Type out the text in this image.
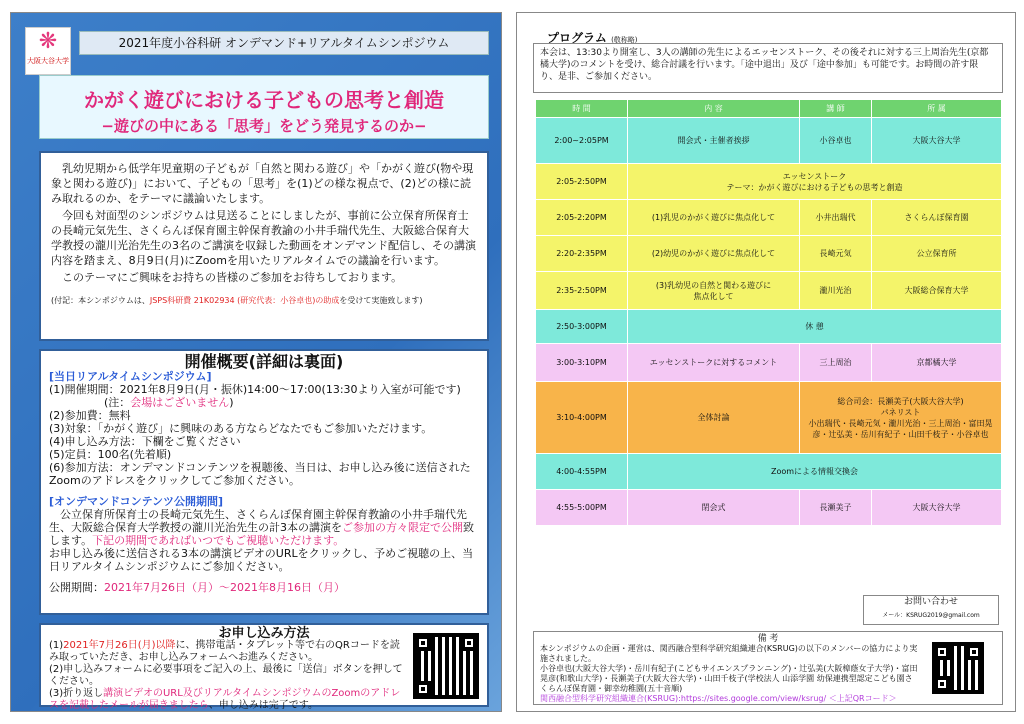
❋
大阪大谷大学
2021年度小谷科研 オンデマンド+リアルタイムシンポジウム
かがく遊びにおける子どもの思考と創造
−遊びの中にある「思考」をどう発見するのか−

乳幼児期から低学年児童期の子どもが「自然と関わる遊び」や「かがく遊び(物や現象と関わる遊び)」において、子どもの「思考」を(1)どの様な視点で、(2)どの様に読み取れるのか、をテーマに議論いたします。

今回も対面型のシンポジウムは見送ることにしましたが、事前に公立保育所保育士の長崎元気先生、さくらんぼ保育園主幹保育教諭の小井手瑞代先生、大阪総合保育大学教授の瀧川光治先生の3名のご講演を収録した動画をオンデマンド配信し、その講演内容を踏まえ、8月9日(月)にZoomを用いたリアルタイムでの議論を行います。

このテーマにご興味をお持ちの皆様のご参加をお待ちしております。

(付記：本シンポジウムは、JSPS科研費 21K02934 (研究代表：小谷卓也)の助成を受けて実施致します)

開催概要(詳細は裏面)
[当日リアルタイムシンポジウム]
(1)開催期間：2021年8月9日(月・振休)14:00〜17:00(13:30より入室が可能です)
(注：会場はございません)
(2)参加費：無料
(3)対象：「かがく遊び」に興味のある方ならどなたでもご参加いただけます。
(4)申し込み方法：下欄をご覧ください
(5)定員：100名(先着順)
(6)参加方法：オンデマンドコンテンツを視聴後、当日は、お申し込み後に送信されたZoomのアドレスをクリックしてご参加ください。
[オンデマンドコンテンツ公開期間]
公立保育所保育士の長崎元気先生、さくらんぼ保育園主幹保育教諭の小井手瑞代先生、大阪総合保育大学教授の瀧川光治先生の計3本の講演をご参加の方々限定で公開致します。下記の期間であればいつでもご視聴いただけます。
お申し込み後に送信される3本の講演ビデオのURLをクリックし、予めご視聴の上、当日リアルタイムシンポジウムにご参加ください。
公開期間：2021年7月26日（月）〜2021年8月16日（月）
お申し込み方法
(1)2021年7月26日(月)以降に、携帯電話・タブレット等で右のQRコードを読み取っていただき、お申し込みフォームへお進みください。
(2)申し込みフォームに必要事項をご記入の上、最後に「送信」ボタンを押してください。
(3)折り返し講演ビデオのURL及びリアルタイムシンポジウムのZoomのアドレスを記載したメールが届きましたら、申し込みは完了です。
プログラム (敬称略)
本会は、13:30より開室し、3人の講師の先生によるエッセンストーク、その後それに対する三上周治先生(京都橘大学)のコメントを受け、総合討議を行います。「途中退出」及び「途中参加」も可能です。お時間の許す限り、是非、ご参加ください。
時 間	内 容	講 師	所 属
2:00~2:05PM	開会式・主催者挨拶	小谷卓也	大阪大谷大学
2:05-2:50PM	エッセンストーク
テーマ：かがく遊びにおける子どもの思考と創造		
2:05-2:20PM	(1)乳児のかがく遊びに焦点化して	小井出瑞代	さくらんぼ保育園
2:20-2:35PM	(2)幼児のかがく遊びに焦点化して	長崎元気	公立保育所
2:35-2:50PM	(3)乳幼児の自然と関わる遊びに
焦点化して	瀧川光治	大阪総合保育大学
2:50-3:00PM	休 憩		
3:00-3:10PM	エッセンストークに対するコメント	三上周治	京都橘大学
3:10-4:00PM	全体討論	総合司会：長瀬美子(大阪大谷大学)
パネリスト
小出瑞代・長崎元気・瀧川光治・三上周治・富田晃彦・辻弘美・岳川有紀子・山田千枝子・小谷卓也	
4:00-4:55PM	Zoomによる情報交換会		
4:55-5:00PM	閉会式	長瀬美子	大阪大谷大学
お問い合わせ
メール：KSRUG2019@gmail.com
備 考
本シンポジウムの企画・運営は、関西融合型科学研究組織連合(KSRUG)の以下のメンバーの協力により実施されました。
小谷卓也(大阪大谷大学)・岳川有紀子(こどもサイエンスプランニング)・辻弘美(大阪樟蔭女子大学)・富田晃彦(和歌山大学)・長瀬美子(大阪大谷大学)・山田千枝子(学校法人 山添学園 幼保連携型認定こども園さくらんぼ保育園・御幸幼稚園(五十音順)
関西融合型科学研究組織連合(KSRUG):https://sites.google.com/view/ksrug/ ＜上記QRコード＞
